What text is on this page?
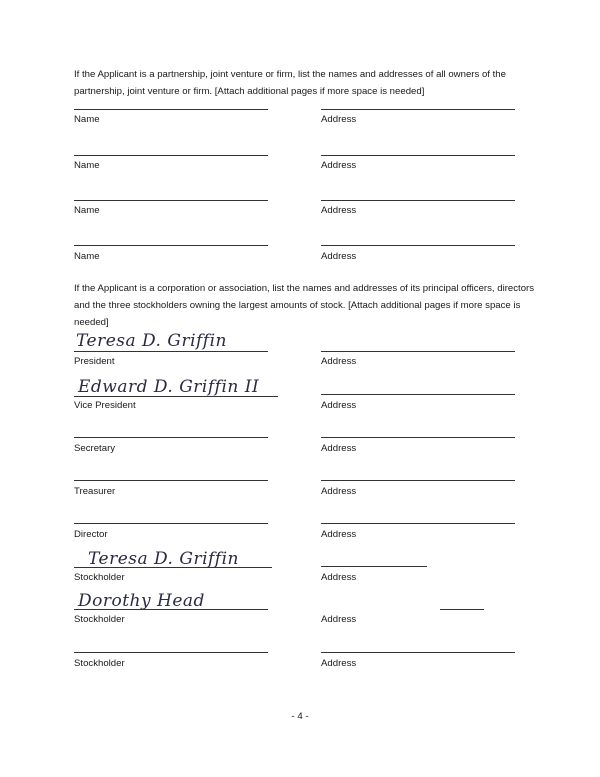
If the Applicant is a partnership, joint venture or firm, list the names and addresses of all owners of the partnership, joint venture or firm. [Attach additional pages if more space is needed]

Name	Address
Name	Address
Name	Address
Name	Address

If the Applicant is a corporation or association, list the names and addresses of its principal officers, directors and the three stockholders owning the largest amounts of stock. [Attach additional pages if more space is needed]

Teresa D. Griffin
President	Address
Edward D. Griffin II
Vice President	Address
Secretary	Address
Treasurer	Address
Director	Address
Teresa D. Griffin
Stockholder	Address
Dorothy Head
Stockholder	Address
Stockholder	Address
- 4 -
